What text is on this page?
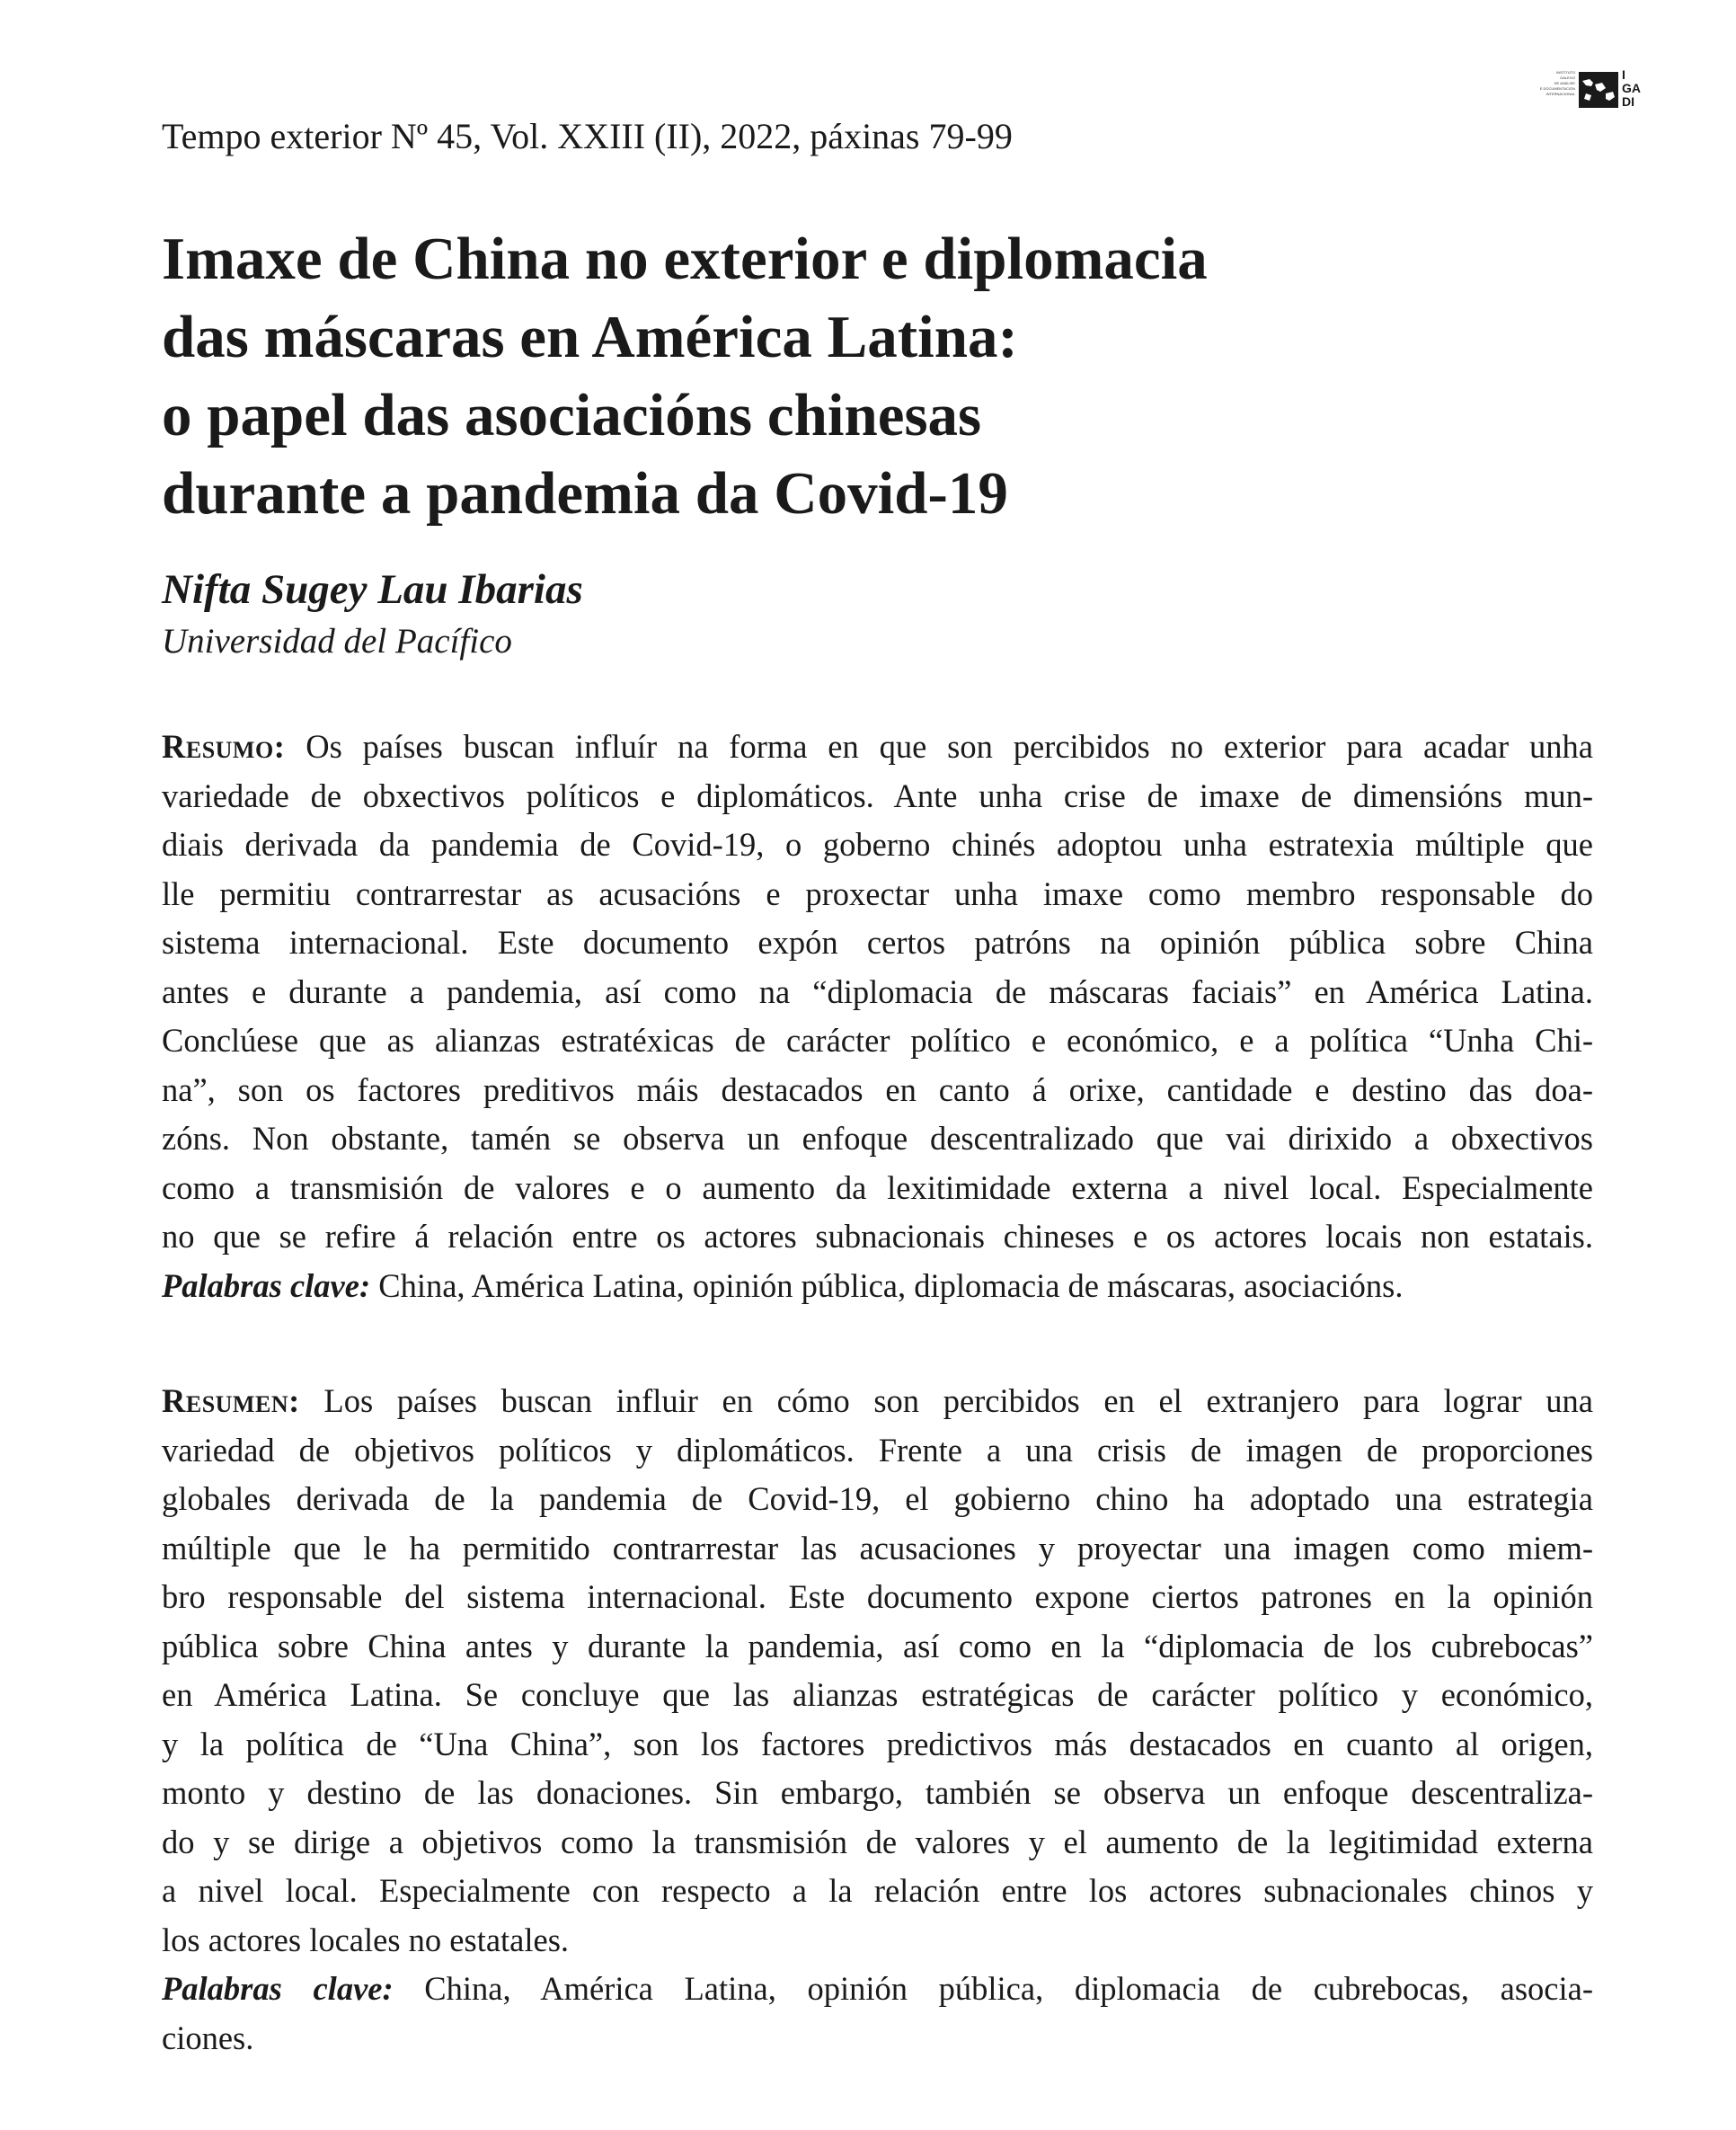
Tempo exterior Nº 45, Vol. XXIII (II), 2022, páxinas 79-99
Imaxe de China no exterior e diplomacia
das máscaras en América Latina:
o papel das asociacións chinesas
durante a pandemia da Covid-19
Nifta Sugey Lau Ibarias
Universidad del Pacífico
Resumo: Os países buscan influír na forma en que son percibidos no exterior para acadar unha
variedade de obxectivos políticos e diplomáticos. Ante unha crise de imaxe de dimensións mun-
diais derivada da pandemia de Covid-19, o goberno chinés adoptou unha estratexia múltiple que
lle permitiu contrarrestar as acusacións e proxectar unha imaxe como membro responsable do
sistema internacional. Este documento expón certos patróns na opinión pública sobre China
antes e durante a pandemia, así como na “diplomacia de máscaras faciais” en América Latina.
Conclúese que as alianzas estratéxicas de carácter político e económico, e a política “Unha Chi-
na”, son os factores preditivos máis destacados en canto á orixe, cantidade e destino das doa-
zóns. Non obstante, tamén se observa un enfoque descentralizado que vai dirixido a obxectivos
como a transmisión de valores e o aumento da lexitimidade externa a nivel local. Especialmente
no que se refire á relación entre os actores subnacionais chineses e os actores locais non estatais.
Palabras clave: China, América Latina, opinión pública, diplomacia de máscaras, asociacións.
Resumen: Los países buscan influir en cómo son percibidos en el extranjero para lograr una
variedad de objetivos políticos y diplomáticos. Frente a una crisis de imagen de proporciones
globales derivada de la pandemia de Covid-19, el gobierno chino ha adoptado una estrategia
múltiple que le ha permitido contrarrestar las acusaciones y proyectar una imagen como miem-
bro responsable del sistema internacional. Este documento expone ciertos patrones en la opinión
pública sobre China antes y durante la pandemia, así como en la “diplomacia de los cubrebocas”
en América Latina. Se concluye que las alianzas estratégicas de carácter político y económico,
y la política de “Una China”, son los factores predictivos más destacados en cuanto al origen,
monto y destino de las donaciones. Sin embargo, también se observa un enfoque descentraliza-
do y se dirige a objetivos como la transmisión de valores y el aumento de la legitimidad externa
a nivel local. Especialmente con respecto a la relación entre los actores subnacionales chinos y
los actores locales no estatales.
Palabras clave: China, América Latina, opinión pública, diplomacia de cubrebocas, asocia-
ciones.
INSTITUTO
GALEGO
DE ANÁLISE
E DOCUMENTACIÓN
INTERNACIONAL
I
GA
DI
